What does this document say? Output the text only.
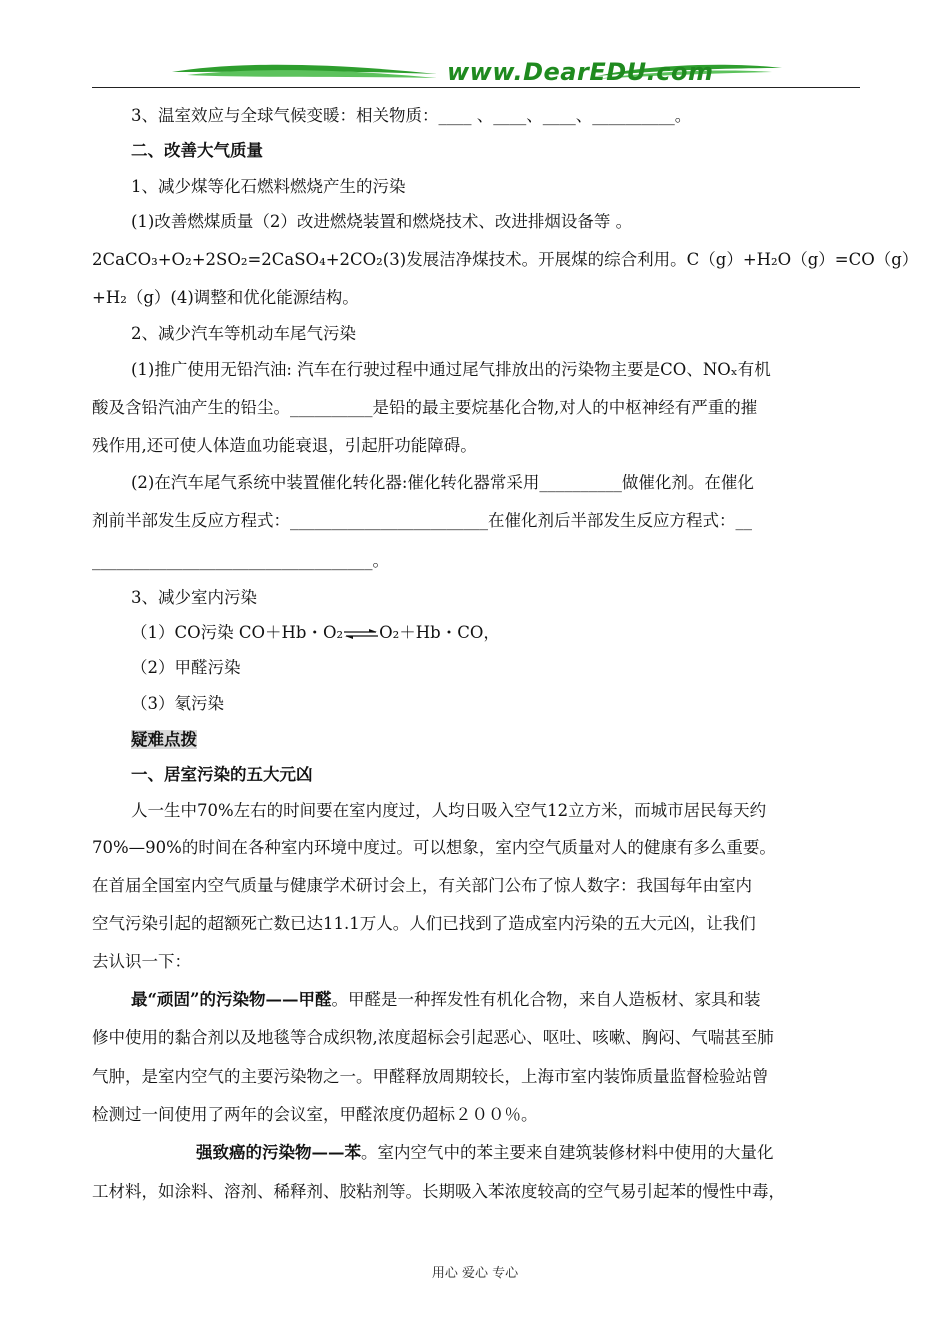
www.DearEDU.com
3、温室效应与全球气候变暖：相关物质：____ 、____、____、__________。
二、改善大气质量
1、减少煤等化石燃料燃烧产生的污染
(1)改善燃煤质量（2）改进燃烧装置和燃烧技术、改进排烟设备等 。
2CaCO₃+O₂+2SO₂=2CaSO₄+2CO₂(3)发展洁净煤技术。开展煤的综合利用。C（g）+H₂O（g）=CO（g）
+H₂（g）(4)调整和优化能源结构。
2、减少汽车等机动车尾气污染
(1)推广使用无铅汽油: 汽车在行驶过程中通过尾气排放出的污染物主要是CO、NOₓ有机
酸及含铅汽油产生的铅尘。__________是铅的最主要烷基化合物,对人的中枢神经有严重的摧
残作用,还可使人体造血功能衰退，引起肝功能障碍。
(2)在汽车尾气系统中装置催化转化器:催化转化器常采用__________做催化剂。在催化
剂前半部发生反应方程式：________________________在催化剂后半部发生反应方程式：__
__________________________________。
3、减少室内污染
（1）CO污染 CO＋Hb・O₂⇌O₂＋Hb・CO，
（2）甲醛污染
（3）氡污染
疑难点拨
一、居室污染的五大元凶
人一生中70%左右的时间要在室内度过，人均日吸入空气12立方米，而城市居民每天约
70%—90%的时间在各种室内环境中度过。可以想象，室内空气质量对人的健康有多么重要。
在首届全国室内空气质量与健康学术研讨会上，有关部门公布了惊人数字：我国每年由室内
空气污染引起的超额死亡数已达11.1万人。人们已找到了造成室内污染的五大元凶，让我们
去认识一下：
最“顽固”的污染物——甲醛。甲醛是一种挥发性有机化合物，来自人造板材、家具和装
修中使用的黏合剂以及地毯等合成织物,浓度超标会引起恶心、呕吐、咳嗽、胸闷、气喘甚至肺
气肿，是室内空气的主要污染物之一。甲醛释放周期较长，上海市室内装饰质量监督检验站曾
检测过一间使用了两年的会议室，甲醛浓度仍超标２００％。
强致癌的污染物——苯。室内空气中的苯主要来自建筑装修材料中使用的大量化
工材料，如涂料、溶剂、稀释剂、胶粘剂等。长期吸入苯浓度较高的空气易引起苯的慢性中毒，
用心 爱心 专心
